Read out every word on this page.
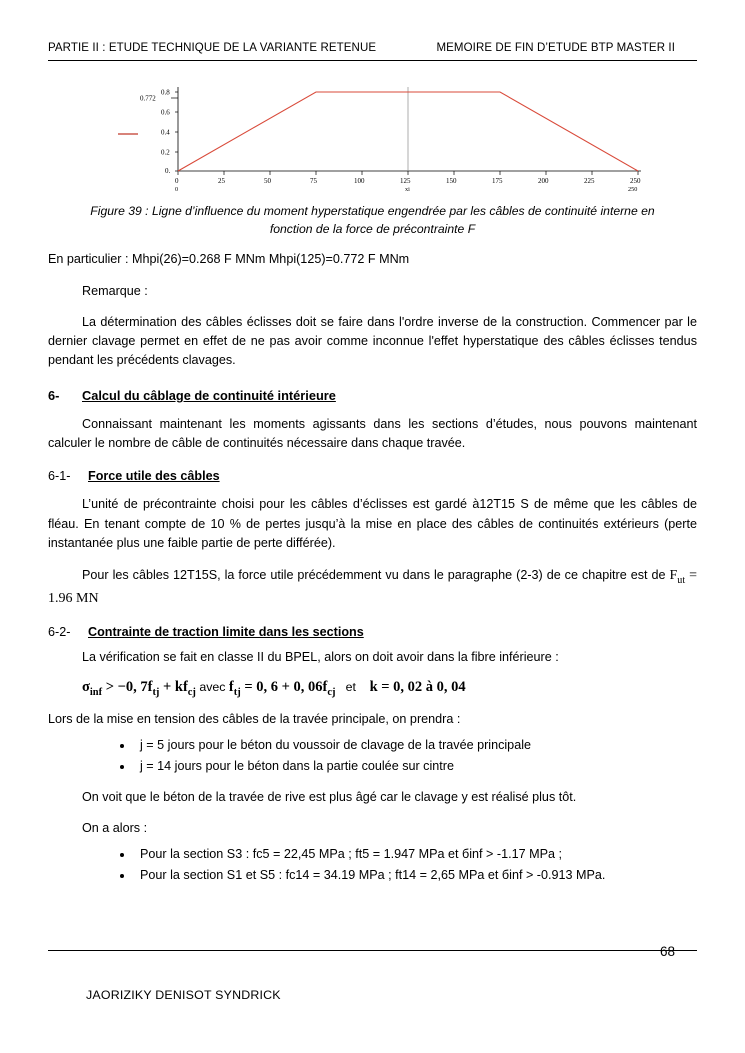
PARTIE II : ETUDE TECHNIQUE DE LA VARIANTE RETENUE	MEMOIRE DE FIN D’ETUDE BTP MASTER II
0.8
0.6
0.4
0.2
0.
0.772
0	25	50	75	100	125	150	175	200	225	250
0	xi	250
Figure 39 : Ligne d’influence du moment hyperstatique engendrée par les câbles de continuité interne en fonction de la force de précontrainte F

En particulier : Mhpi(26)=0.268 F MNm Mhpi(125)=0.772 F MNm

Remarque :

La détermination des câbles éclisses doit se faire dans l'ordre inverse de la construction. Commencer par le dernier clavage permet en effet de ne pas avoir comme inconnue l'effet hyperstatique des câbles éclisses tendus pendant les précédents clavages.

6-	Calcul du câblage de continuité intérieure

Connaissant maintenant les moments agissants dans les sections d’études, nous pouvons maintenant calculer le nombre de câble de continuités nécessaire dans chaque travée.

6-1-	Force utile des câbles

L’unité de précontrainte choisi pour les câbles d’éclisses est gardé à12T15 S de même que les câbles de fléau. En tenant compte de 10 % de pertes jusqu’à la mise en place des câbles de continuités extérieurs (perte instantanée plus une faible partie de perte différée).

Pour les câbles 12T15S, la force utile précédemment vu dans le paragraphe (2-3) de ce chapitre est de $F_{ut} = 1.96$ MN

6-2-	Contrainte de traction limite dans les sections

La vérification se fait en classe II du BPEL, alors on doit avoir dans la fibre inférieure :

$\sigma_{inf} > -0$, $7f_{tj} + kf_{cj}$ avec $f_{tj} = 0$, 6 + 0, $06f_{cj}$ et k = 0, 02 à 0, 04

Lors de la mise en tension des câbles de la travée principale, on prendra :

• j = 5 jours pour le béton du voussoir de clavage de la travée principale
• j = 14 jours pour le béton dans la partie coulée sur cintre

On voit que le béton de la travée de rive est plus âgé car le clavage y est réalisé plus tôt.

On a alors :

• Pour la section S3 : fc5 = 22,45 MPa ; ft5 = 1.947 MPa et бinf > -1.17 MPa ;
• Pour la section S1 et S5 : fc14 = 34.19 MPa ; ft14 = 2,65 MPa et бinf > -0.913 MPa.
68
JAORIZIKY DENISOT SYNDRICK
